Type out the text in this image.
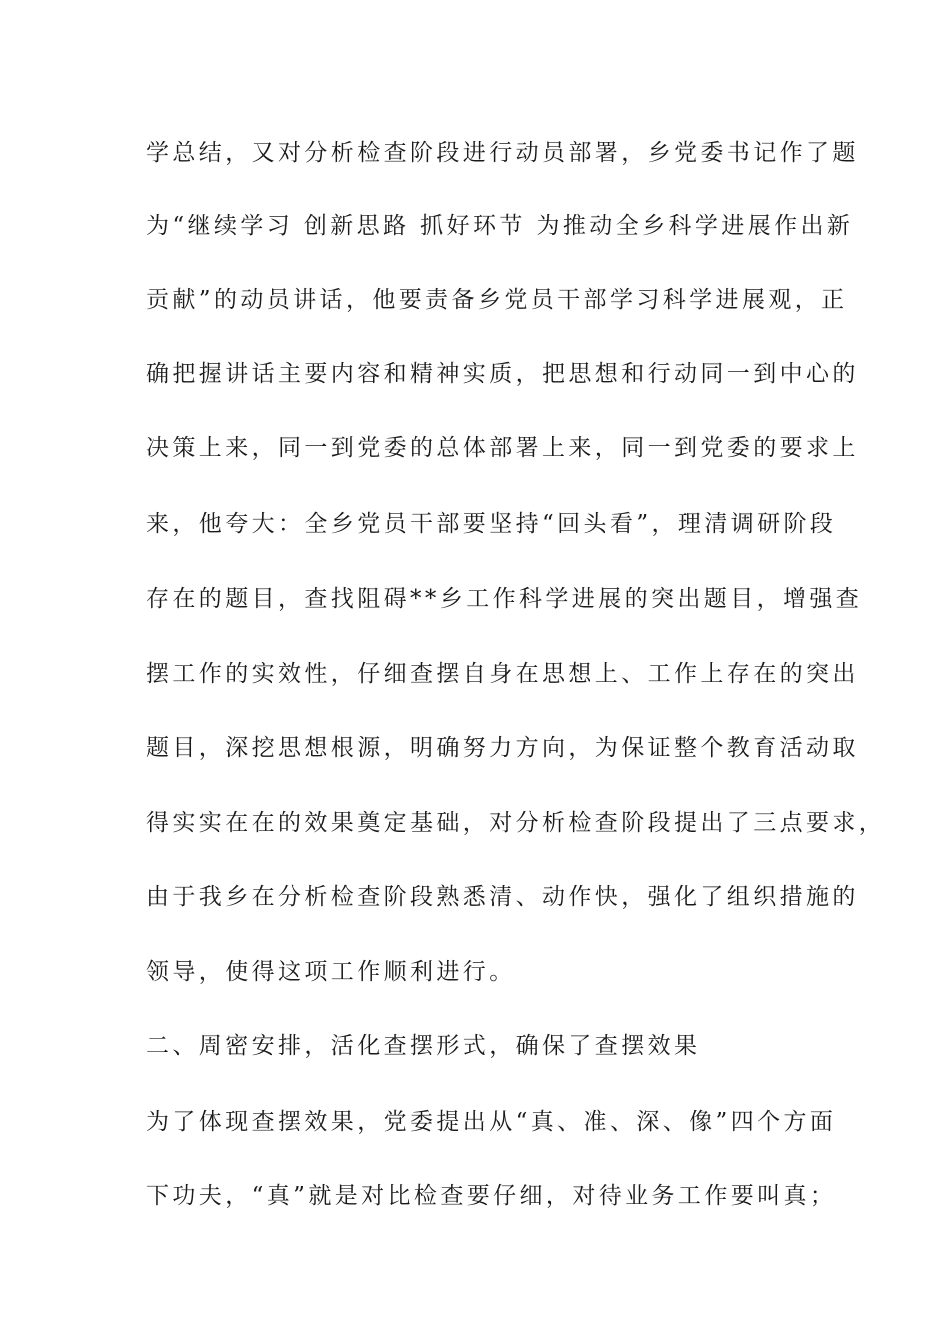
学总结，又对分析检查阶段进行动员部署，乡党委书记作了题
为“继续学习 创新思路 抓好环节 为推动全乡科学进展作出新
贡献”的动员讲话，他要责备乡党员干部学习科学进展观，正
确把握讲话主要内容和精神实质，把思想和行动同一到中心的
决策上来，同一到党委的总体部署上来，同一到党委的要求上
来，他夸大：全乡党员干部要坚持“回头看”，理清调研阶段
存在的题目，查找阻碍**乡工作科学进展的突出题目，增强查
摆工作的实效性，仔细查摆自身在思想上、工作上存在的突出
题目，深挖思想根源，明确努力方向，为保证整个教育活动取
得实实在在的效果奠定基础，对分析检查阶段提出了三点要求，
由于我乡在分析检查阶段熟悉清、动作快，强化了组织措施的
领导，使得这项工作顺利进行。
二、周密安排，活化查摆形式，确保了查摆效果
为了体现查摆效果，党委提出从“真、准、深、像”四个方面
下功夫，“真”就是对比检查要仔细，对待业务工作要叫真；
